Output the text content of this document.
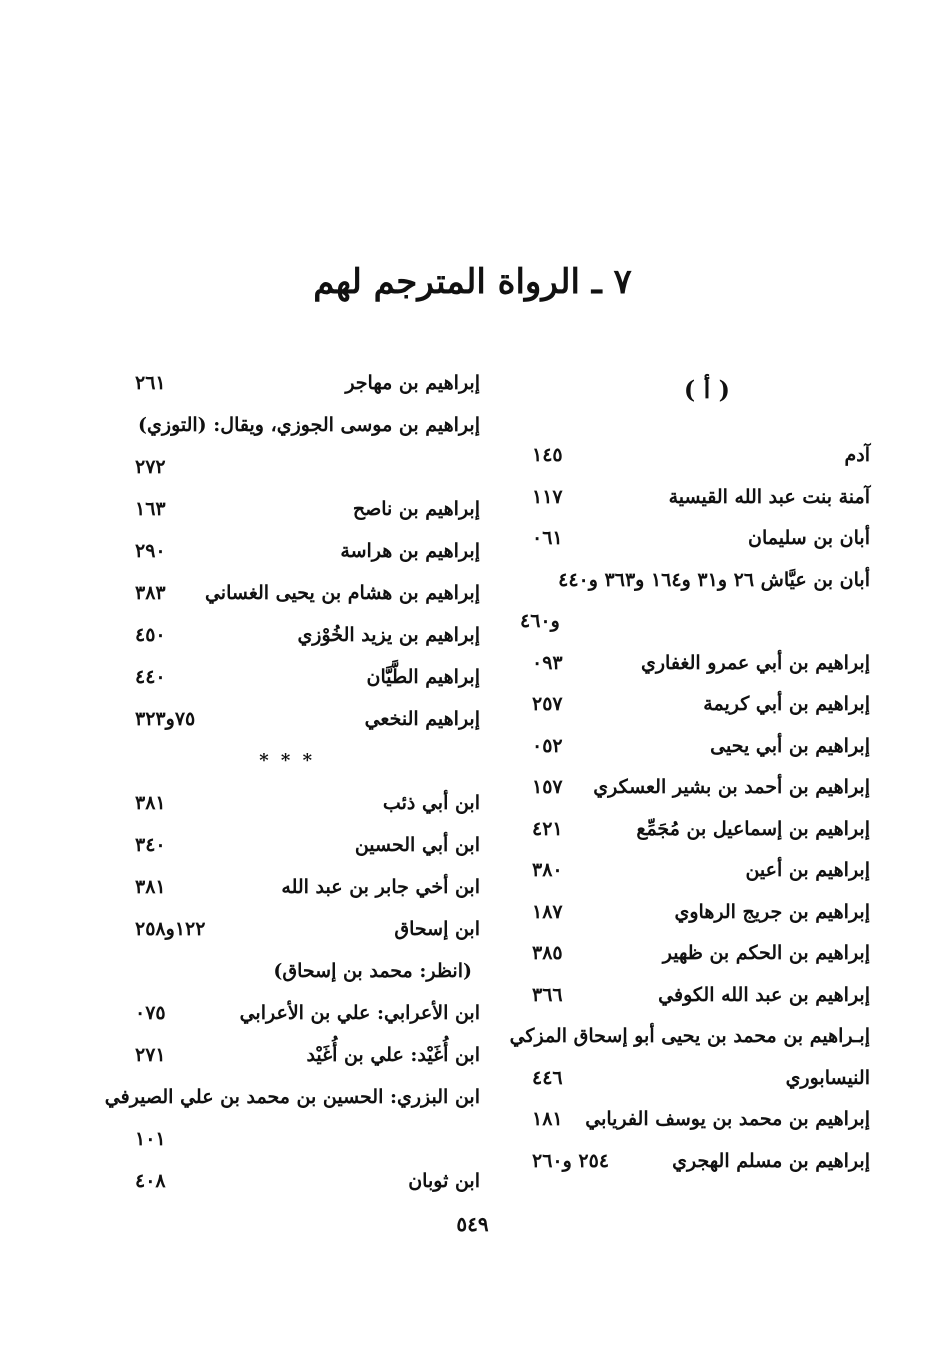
٧ ـ الرواة المترجم لهم
( أ )
آدم
١٤٥
آمنة بنت عبد الله القيسية
١١٧
أبان بن سليمان
٠٦١
أبان بن عيَّاش ٢٦ و٣١ و١٦٤ و٣٦٣ و٤٤٠
و٤٦٠
إبراهيم بن أبي عمرو الغفاري
٠٩٣
إبراهيم بن أبي كريمة
٢٥٧
إبراهيم بن أبي يحيى
٠٥٢
إبراهيم بن أحمد بن بشير العسكري
١٥٧
إبراهيم بن إسماعيل بن مُجَمِّع
٤٢١
إبراهيم بن أعين
٣٨٠
إبراهيم بن جريج الرهاوي
١٨٧
إبراهيم بن الحكم بن ظهير
٣٨٥
إبراهيم بن عبد الله الكوفي
٣٦٦
إبـراهيم بن محمد بن يحيى أبو إسحاق المزكي
النيسابوري
٤٤٦
إبراهيم بن محمد بن يوسف الفريابي
١٨١
إبراهيم بن مسلم الهجري
٢٥٤ و٢٦٠
إبراهيم بن مهاجر
٢٦١
إبراهيم بن موسى الجوزي، ويقال: (التوزي)
٢٧٢
إبراهيم بن ناصح
١٦٣
إبراهيم بن هراسة
٢٩٠
إبراهيم بن هشام بن يحيى الغساني
٣٨٣
إبراهيم بن يزيد الخُوْزي
٤٥٠
إبراهيم الطَّيَّان
٤٤٠
إبراهيم النخعي
٧٥و٣٢٣
* * *
ابن أبي ذئب
٣٨١
ابن أبي الحسين
٣٤٠
ابن أخي جابر بن عبد الله
٣٨١
ابن إسحاق
١٢٢و٢٥٨
(انظر: محمد بن إسحاق)
ابن الأعرابي: علي بن الأعرابي
٠٧٥
ابن أُغَيْد: علي بن أُغَيْد
٢٧١
ابن البزري: الحسين بن محمد بن علي الصيرفي
١٠١
ابن ثوبان
٤٠٨

٥٤٩
